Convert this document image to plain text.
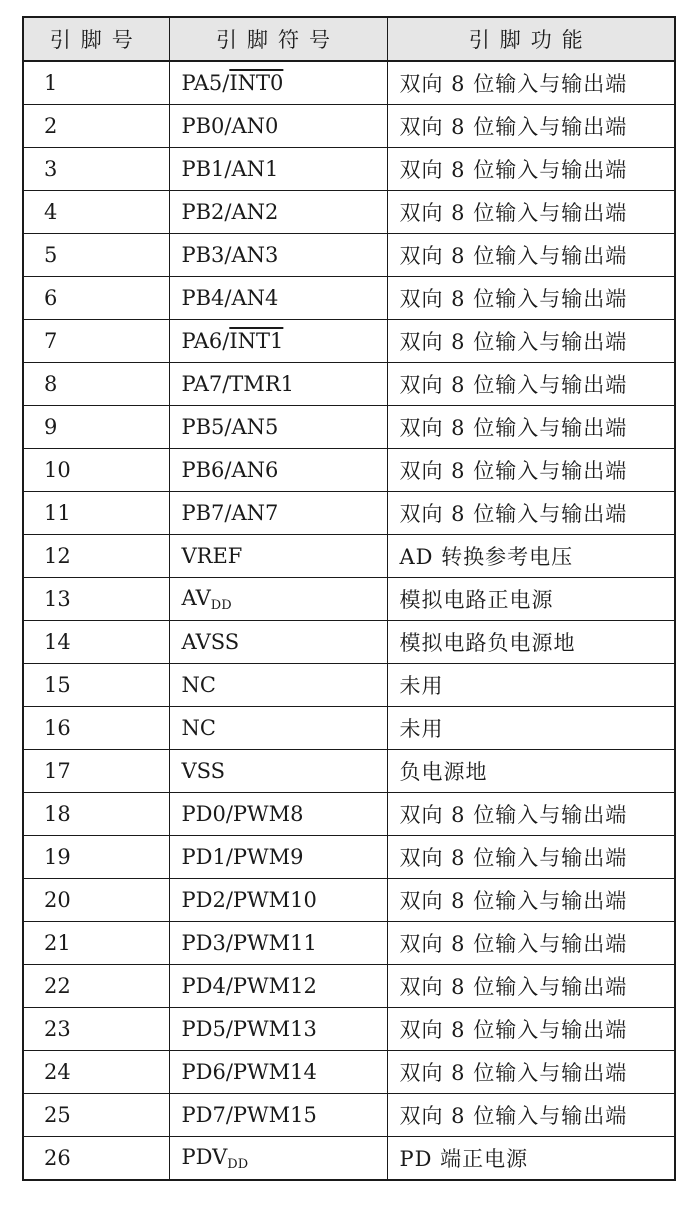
引脚号	引脚符号	引脚功能
1	PA5/INT0	双向 8 位输入与输出端
2	PB0/AN0	双向 8 位输入与输出端
3	PB1/AN1	双向 8 位输入与输出端
4	PB2/AN2	双向 8 位输入与输出端
5	PB3/AN3	双向 8 位输入与输出端
6	PB4/AN4	双向 8 位输入与输出端
7	PA6/INT1	双向 8 位输入与输出端
8	PA7/TMR1	双向 8 位输入与输出端
9	PB5/AN5	双向 8 位输入与输出端
10	PB6/AN6	双向 8 位输入与输出端
11	PB7/AN7	双向 8 位输入与输出端
12	VREF	AD 转换参考电压
13	$AV_{DD}$	模拟电路正电源
14	AVSS	模拟电路负电源地
15	NC	未用
16	NC	未用
17	VSS	负电源地
18	PD0/PWM8	双向 8 位输入与输出端
19	PD1/PWM9	双向 8 位输入与输出端
20	PD2/PWM10	双向 8 位输入与输出端
21	PD3/PWM11	双向 8 位输入与输出端
22	PD4/PWM12	双向 8 位输入与输出端
23	PD5/PWM13	双向 8 位输入与输出端
24	PD6/PWM14	双向 8 位输入与输出端
25	PD7/PWM15	双向 8 位输入与输出端
26	$PDV_{DD}$	PD 端正电源
